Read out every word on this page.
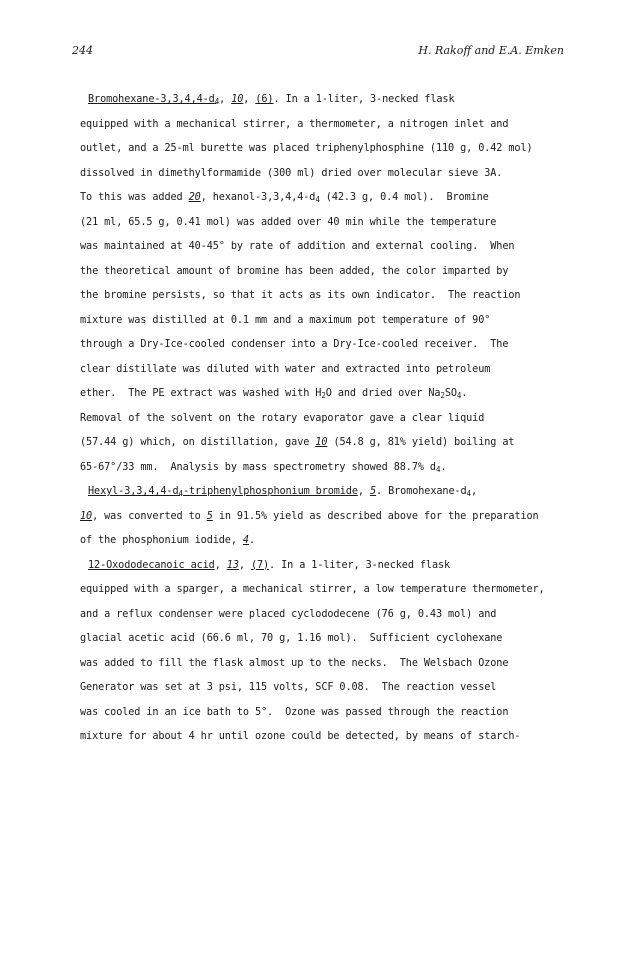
244	H. Rakoff and E.A. Emken
Bromohexane-$3,3,4,4-d_4$, 10, (6). In a 1-liter, 3-necked flask
equipped with a mechanical stirrer, a thermometer, a nitrogen inlet and
outlet, and a 25-ml burette was placed triphenylphosphine (110 g, 0.42 mol)
dissolved in dimethylformamide (300 ml) dried over molecular sieve 3A.
To this was added 20, hexanol-$3,3,4,4-d_4$ (42.3 g, 0.4 mol).  Bromine
(21 ml, 65.5 g, 0.41 mol) was added over 40 min while the temperature
was maintained at 40-45° by rate of addition and external cooling.  When
the theoretical amount of bromine has been added, the color imparted by
the bromine persists, so that it acts as its own indicator.  The reaction
mixture was distilled at 0.1 mm and a maximum pot temperature of 90°
through a Dry-Ice-cooled condenser into a Dry-Ice-cooled receiver.  The
clear distillate was diluted with water and extracted into petroleum
ether.  The PE extract was washed with $H_2O$ and dried over $Na_2SO_4$.
Removal of the solvent on the rotary evaporator gave a clear liquid
(57.44 g) which, on distillation, gave 10 (54.8 g, 81% yield) boiling at
65-67°/33 mm.  Analysis by mass spectrometry showed 88.7% $d_4$.
Hexyl-$3,3,4,4-d_4$-triphenylphosphonium bromide, 5. Bromohexane-$d_4$,
10, was converted to 5 in 91.5% yield as described above for the preparation
of the phosphonium iodide, 4.
12-Oxododecanoic acid, 13, (7). In a 1-liter, 3-necked flask
equipped with a sparger, a mechanical stirrer, a low temperature thermometer,
and a reflux condenser were placed cyclododecene (76 g, 0.43 mol) and
glacial acetic acid (66.6 ml, 70 g, 1.16 mol).  Sufficient cyclohexane
was added to fill the flask almost up to the necks.  The Welsbach Ozone
Generator was set at 3 psi, 115 volts, SCF 0.08.  The reaction vessel
was cooled in an ice bath to 5°.  Ozone was passed through the reaction
mixture for about 4 hr until ozone could be detected, by means of starch-
